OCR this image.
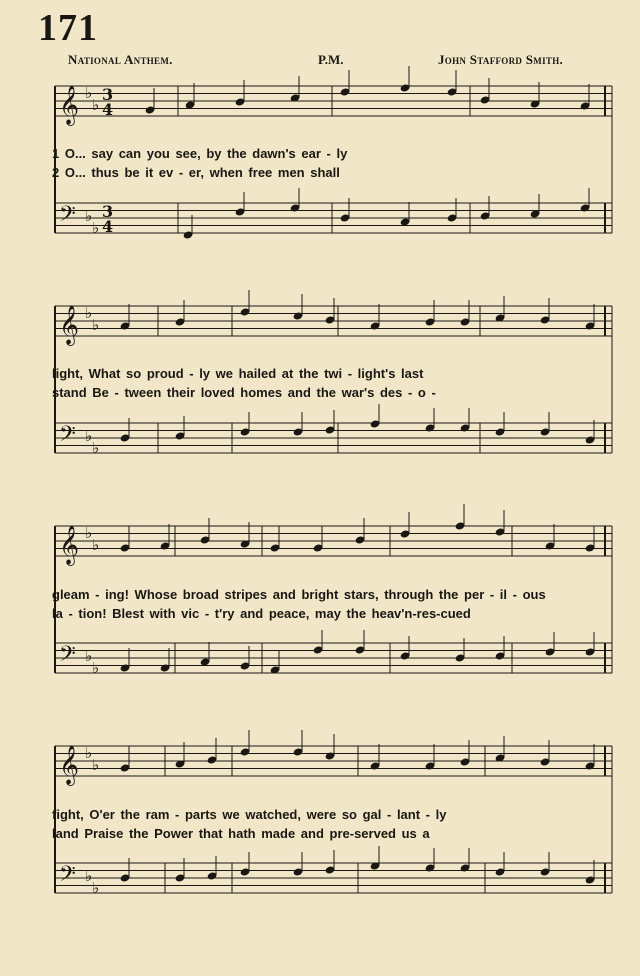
171
National Anthem.	P.M.	John Stafford Smith.
𝄞 ♭
♭
𝄢 ♭
♭
𝄞 ♭
♭
𝄢 ♭
♭
𝄞 ♭
♭
𝄢 ♭
♭
𝄞 ♭
♭
𝄢 ♭
♭
3
4
3
4
1 O... say can you see, by the dawn's ear - ly
2 O... thus be it ev - er, when free men shall
light, What so proud - ly we hailed at the twi - light's last
stand Be - tween their loved homes and the war's des - o -
gleam - ing! Whose broad stripes and bright stars, through the per - il - ous
la - tion! Blest with vic - t'ry and peace, may the heav'n-res-cued
fight, O'er the ram - parts we watched, were so gal - lant - ly
land Praise the Power that hath made and pre-served us a
